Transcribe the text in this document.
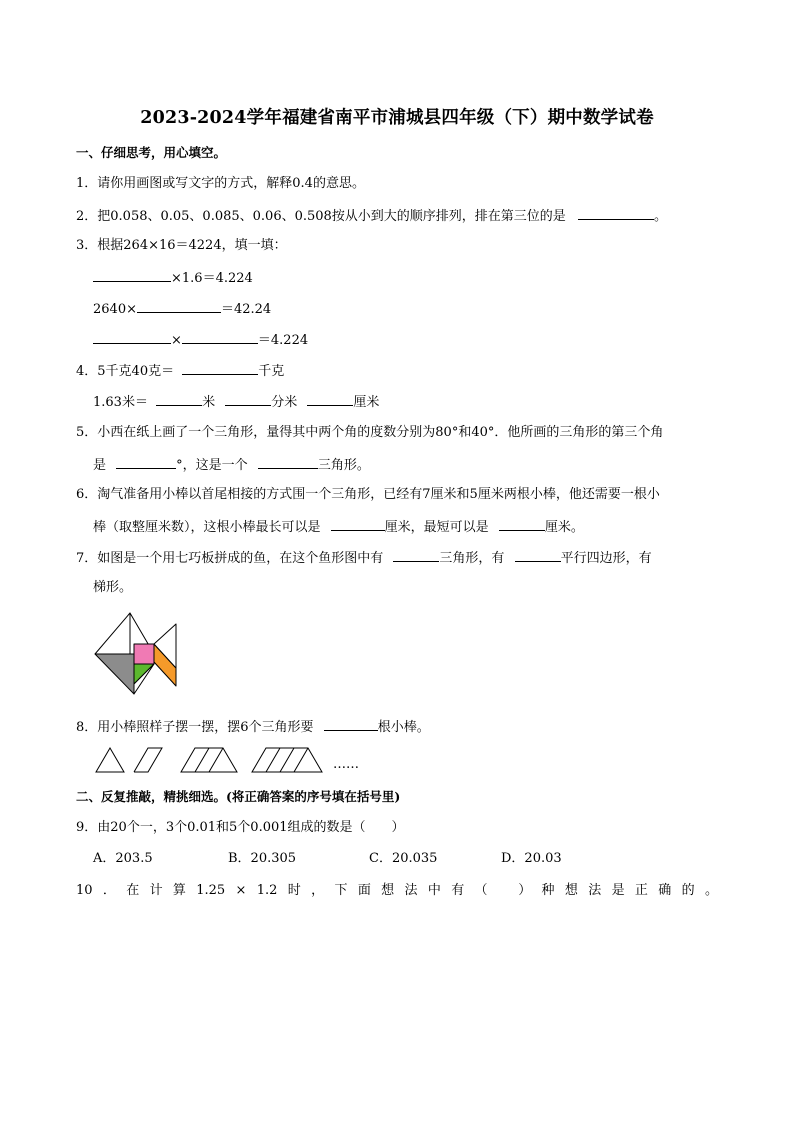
2023-2024学年福建省南平市浦城县四年级（下）期中数学试卷
一、仔细思考，用心填空。
1．请你用画图或写文字的方式，解释0.4的意思。
2．把0.058、0.05、0.085、0.06、0.508按从小到大的顺序排列，排在第三位的是	。
3．根据264×16＝4224，填一填：
×1.6＝4.224
2640×	＝42.24
×	＝4.224
4．5千克40克＝	千克
1.63米＝	米	分米	厘米
5．小西在纸上画了一个三角形，量得其中两个角的度数分别为80°和40°．他所画的三角形的第三个角
是	°，这是一个	三角形。
6．淘气准备用小棒以首尾相接的方式围一个三角形，已经有7厘米和5厘米两根小棒，他还需要一根小
棒（取整厘米数），这根小棒最长可以是	厘米，最短可以是	厘米。
7．如图是一个用七巧板拼成的鱼，在这个鱼形图中有	三角形，有	平行四边形，有
梯形。
8．用小棒照样子摆一摆，摆6个三角形要	根小棒。
……
二、反复推敲，精挑细选。(将正确答案的序号填在括号里)
9．由20个一，3个0.01和5个0.001组成的数是（　　）
A．203.5	B．20.305	C．20.035	D．20.03
10 ． 在 计 算 1.25 × 1.2 时 ， 下 面 想 法 中 有 （ ） 种 想 法 是 正 确 的 。
